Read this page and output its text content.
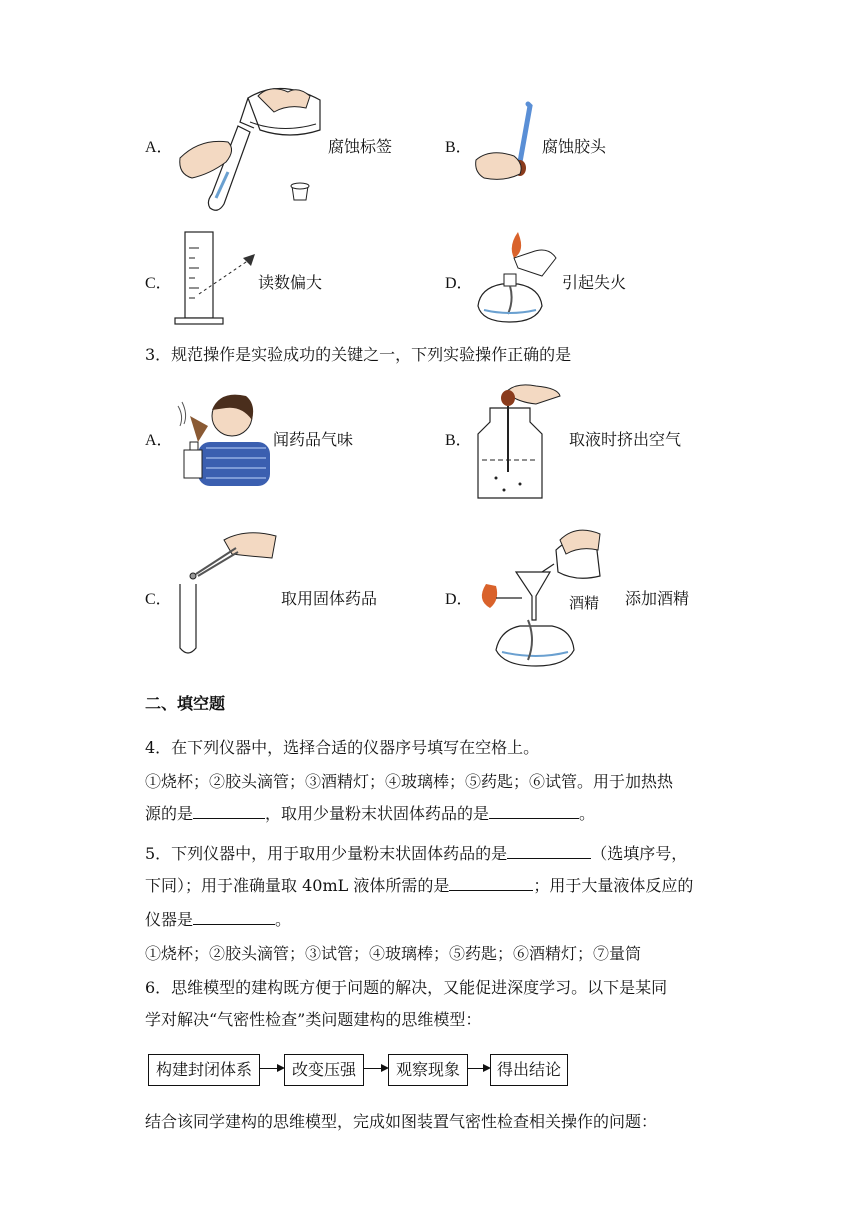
A．	腐蚀标签	B．	腐蚀胶头
C．	读数偏大	D．	引起失火
3．规范操作是实验成功的关键之一，下列实验操作正确的是
A．	闻药品气味	B．	取液时挤出空气
C．	取用固体药品	D．	酒精 添加酒精
二、填空题
4．在下列仪器中，选择合适的仪器序号填写在空格上。
①烧杯；②胶头滴管；③酒精灯；④玻璃棒；⑤药匙；⑥试管。用于加热热
源的是	，取用少量粉末状固体药品的是	。
5．下列仪器中，用于取用少量粉末状固体药品的是	（选填序号，
下同）；用于准确量取 40mL 液体所需的是	；用于大量液体反应的
仪器是	。
①烧杯；②胶头滴管；③试管；④玻璃棒；⑤药匙；⑥酒精灯；⑦量筒
6．思维模型的建构既方便于问题的解决，又能促进深度学习。以下是某同
学对解决“气密性检查”类问题建构的思维模型：
构建封闭体系	改变压强	观察现象	得出结论
结合该同学建构的思维模型，完成如图装置气密性检查相关操作的问题：
